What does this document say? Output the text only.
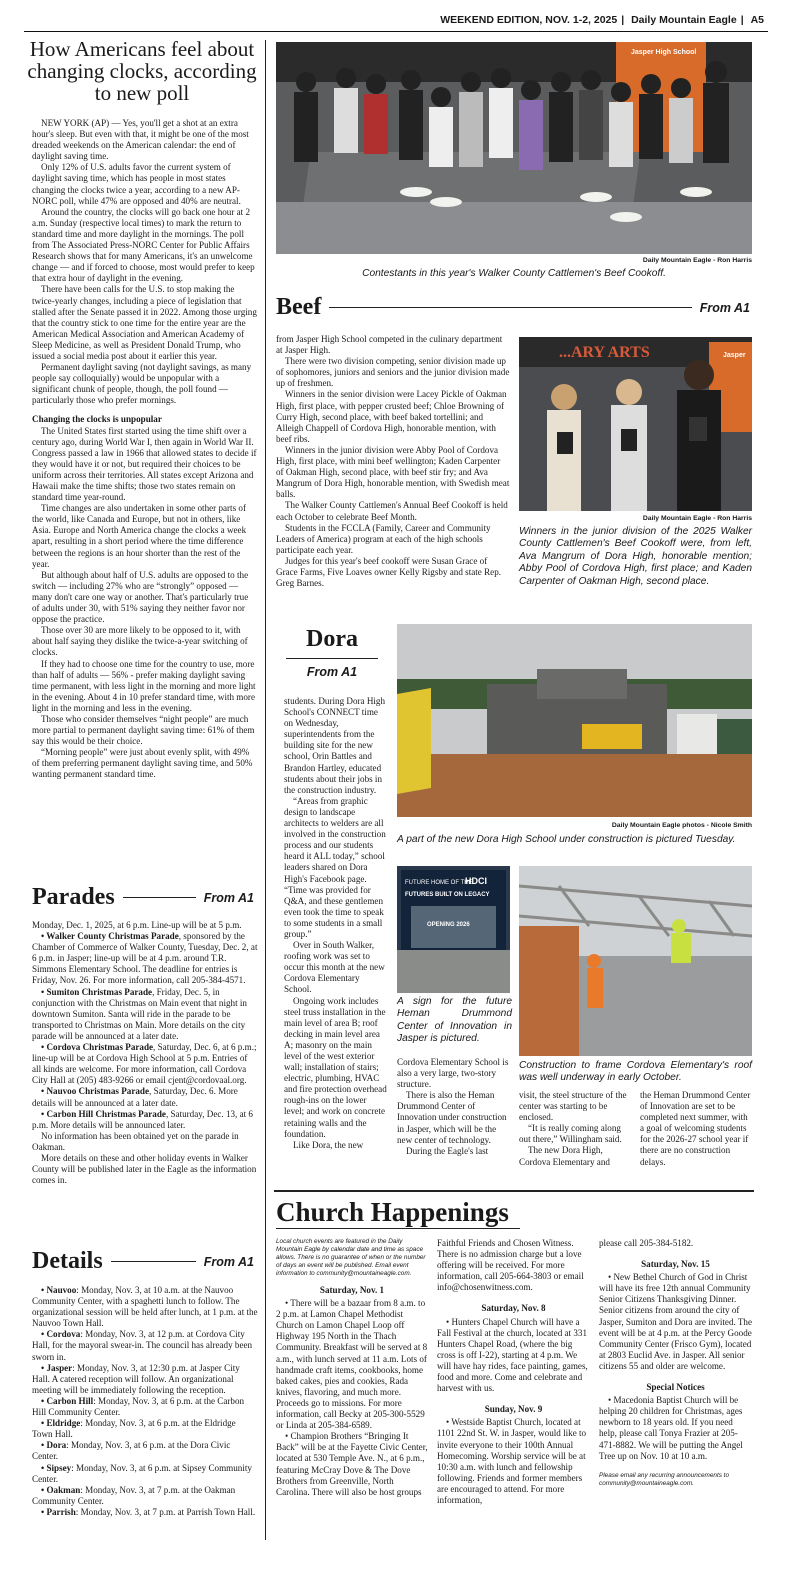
WEEKEND EDITION, NOV. 1-2, 2025 | Daily Mountain Eagle | A5
How Americans feel about changing clocks, according to new poll

NEW YORK (AP) — Yes, you'll get a shot at an extra hour's sleep. But even with that, it might be one of the most dreaded weekends on the American calendar: the end of daylight saving time.

Only 12% of U.S. adults favor the current system of daylight saving time, which has people in most states changing the clocks twice a year, according to a new AP-NORC poll, while 47% are opposed and 40% are neutral.

Around the country, the clocks will go back one hour at 2 a.m. Sunday (respective local times) to mark the return to standard time and more daylight in the mornings. The poll from The Associated Press-NORC Center for Public Affairs Research shows that for many Americans, it's an unwelcome change — and if forced to choose, most would prefer to keep that extra hour of daylight in the evening.

There have been calls for the U.S. to stop making the twice-yearly changes, including a piece of legislation that stalled after the Senate passed it in 2022. Among those urging that the country stick to one time for the entire year are the American Medical Association and American Academy of Sleep Medicine, as well as President Donald Trump, who issued a social media post about it earlier this year.

Permanent daylight saving (not daylight savings, as many people say colloquially) would be unpopular with a significant chunk of people, though, the poll found — particularly those who prefer mornings.

Changing the clocks is unpopular

The United States first started using the time shift over a century ago, during World War I, then again in World War II. Congress passed a law in 1966 that allowed states to decide if they would have it or not, but required their choices to be uniform across their territories. All states except Arizona and Hawaii make the time shifts; those two states remain on standard time year-round.

Time changes are also undertaken in some other parts of the world, like Canada and Europe, but not in others, like Asia. Europe and North America change the clocks a week apart, resulting in a short period where the time difference between the regions is an hour shorter than the rest of the year.

But although about half of U.S. adults are opposed to the switch — including 27% who are “strongly” opposed — many don't care one way or another. That's particularly true of adults under 30, with 51% saying they neither favor nor oppose the practice.

Those over 30 are more likely to be opposed to it, with about half saying they dislike the twice-a-year switching of clocks.

If they had to choose one time for the country to use, more than half of adults — 56% - prefer making daylight saving time permanent, with less light in the morning and more light in the evening. About 4 in 10 prefer standard time, with more light in the morning and less in the evening.

Those who consider themselves “night people” are much more partial to permanent daylight saving time: 61% of them say this would be their choice.

“Morning people” were just about evenly split, with 49% of them preferring permanent daylight saving time, and 50% wanting permanent standard time.

Parades	From A1

Monday, Dec. 1, 2025, at 6 p.m. Line-up will be at 5 p.m.

• Walker County Christmas Parade, sponsored by the Chamber of Commerce of Walker County, Tuesday, Dec. 2, at 6 p.m. in Jasper; line-up will be at 4 p.m. around T.R. Simmons Elementary School. The deadline for entries is Friday, Nov. 26. For more information, call 205-384-4571.

• Sumiton Christmas Parade, Friday, Dec. 5, in conjunction with the Christmas on Main event that night in downtown Sumiton. Santa will ride in the parade to be transported to Christmas on Main. More details on the city parade will be announced at a later date.

• Cordova Christmas Parade, Saturday, Dec. 6, at 6 p.m.; line-up will be at Cordova High School at 5 p.m. Entries of all kinds are welcome. For more information, call Cordova City Hall at (205) 483-9266 or email cjent@cordovaal.org.

• Nauvoo Christmas Parade, Saturday, Dec. 6. More details will be announced at a later date.

• Carbon Hill Christmas Parade, Saturday, Dec. 13, at 6 p.m. More details will be announced later.

No information has been obtained yet on the parade in Oakman.

More details on these and other holiday events in Walker County will be published later in the Eagle as the information comes in.

Details	From A1

• Nauvoo: Monday, Nov. 3, at 10 a.m. at the Nauvoo Community Center, with a spaghetti lunch to follow. The organizational session will be held after lunch, at 1 p.m. at the Nauvoo Town Hall.

• Cordova: Monday, Nov. 3, at 12 p.m. at Cordova City Hall, for the mayoral swear-in. The council has already been sworn in.

• Jasper: Monday, Nov. 3, at 12:30 p.m. at Jasper City Hall. A catered reception will follow. An organizational meeting will be immediately following the reception.

• Carbon Hill: Monday, Nov. 3, at 6 p.m. at the Carbon Hill Community Center.

• Eldridge: Monday, Nov. 3, at 6 p.m. at the Eldridge Town Hall.

• Dora: Monday, Nov. 3, at 6 p.m. at the Dora Civic Center.

• Sipsey: Monday, Nov. 3, at 6 p.m. at Sipsey Community Center.

• Oakman: Monday, Nov. 3, at 7 p.m. at the Oakman Community Center.

• Parrish: Monday, Nov. 3, at 7 p.m. at Parrish Town Hall.

Jasper High School
Daily Mountain Eagle - Ron Harris
Contestants in this year's Walker County Cattlemen's Beef Cookoff.
Beef	From A1

from Jasper High School competed in the culinary department at Jasper High.

There were two division competing, senior division made up of sophomores, juniors and seniors and the junior division made up of freshmen.

Winners in the senior division were Lacey Pickle of Oakman High, first place, with pepper crusted beef; Chloe Browning of Curry High, second place, with beef baked tortellini; and Alleigh Chappell of Cordova High, honorable mention, with beef ribs.

Winners in the junior division were Abby Pool of Cordova High, first place, with mini beef wellington; Kaden Carpenter of Oakman High, second place, with beef stir fry; and Ava Mangrum of Dora High, honorable mention, with Swedish meat balls.

The Walker County Cattlemen's Annual Beef Cookoff is held each October to celebrate Beef Month.

Students in the FCCLA (Family, Career and Community Leaders of America) program at each of the high schools participate each year.

Judges for this year's beef cookoff were Susan Grace of Grace Farms, Five Loaves owner Kelly Rigsby and state Rep. Greg Barnes.

...ARY ARTS	Jasper
Daily Mountain Eagle - Ron Harris
Winners in the junior division of the 2025 Walker County Cattlemen's Beef Cookoff were, from left, Ava Mangrum of Dora High, honorable mention; Abby Pool of Cordova High, first place; and Kaden Carpenter of Oakman High, second place.
Dora
From A1

students. During Dora High School's CONNECT time on Wednesday, superintendents from the building site for the new school, Orin Battles and Brandon Hartley, educated students about their jobs in the construction industry.

“Areas from graphic design to landscape architects to welders are all involved in the construction process and our students heard it ALL today,” school leaders shared on Dora High's Facebook page. “Time was provided for Q&A, and these gentlemen even took the time to speak to some students in a small group.”

Over in South Walker, roofing work was set to occur this month at the new Cordova Elementary School.

Ongoing work includes steel truss installation in the main level of area B; roof decking in main level area A; masonry on the main level of the west exterior wall; installation of stairs; electric, plumbing, HVAC and fire protection overhead rough-ins on the lower level; and work on concrete retaining walls and the foundation.

Like Dora, the new

Daily Mountain Eagle photos - Nicole Smith
A part of the new Dora High School under construction is pictured Tuesday.
FUTURE HOME OF THE
HDCI
FUTURES BUILT ON LEGACY
OPENING 2026
A sign for the future Heman Drummond Center of Innovation in Jasper is pictured.
Construction to frame Cordova Elementary's roof was well underway in early October.

Cordova Elementary School is also a very large, two-story structure.

There is also the Heman Drummond Center of Innovation under construction in Jasper, which will be the new center of technology.

During the Eagle's last

visit, the steel structure of the center was starting to be enclosed.

“It is really coming along out there,” Willingham said.

The new Dora High, Cordova Elementary and

the Heman Drummond Center of Innovation are set to be completed next summer, with a goal of welcoming students for the 2026-27 school year if there are no construction delays.

Church Happenings

Local church events are featured in the Daily Mountain Eagle by calendar date and time as space allows. There is no guarantee of when or the number of days an event will be published. Email event information to community@mountaineagle.com.

Saturday, Nov. 1

• There will be a bazaar from 8 a.m. to 2 p.m. at Lamon Chapel Methodist Church on Lamon Chapel Loop off Highway 195 North in the Thach Community. Breakfast will be served at 8 a.m., with lunch served at 11 a.m. Lots of handmade craft items, cookbooks, home baked cakes, pies and cookies, Rada knives, flavoring, and much more. Proceeds go to missions. For more information, call Becky at 205-300-5529 or Linda at 205-384-6589.

• Champion Brothers “Bringing It Back” will be at the Fayette Civic Center, located at 530 Temple Ave. N., at 6 p.m., featuring McCray Dove & The Dove Brothers from Greenville, North Carolina. There will also be host groups

Faithful Friends and Chosen Witness. There is no admission charge but a love offering will be received. For more information, call 205-664-3803 or email info@chosenwitness.com.

Saturday, Nov. 8

• Hunters Chapel Church will have a Fall Festival at the church, located at 331 Hunters Chapel Road, (where the big cross is off I-22), starting at 4 p.m. We will have hay rides, face painting, games, food and more. Come and celebrate and harvest with us.

Sunday, Nov. 9

• Westside Baptist Church, located at 1101 22nd St. W. in Jasper, would like to invite everyone to their 100th Annual Homecoming. Worship service will be at 10:30 a.m. with lunch and fellowship following. Friends and former members are encouraged to attend. For more information,

please call 205-384-5182.

Saturday, Nov. 15

• New Bethel Church of God in Christ will have its free 12th annual Community Senior Citizens Thanksgiving Dinner. Senior citizens from around the city of Jasper, Sumiton and Dora are invited. The event will be at 4 p.m. at the Percy Goode Community Center (Frisco Gym), located at 2803 Euclid Ave. in Jasper. All senior citizens 55 and older are welcome.

Special Notices

• Macedonia Baptist Church will be helping 20 children for Christmas, ages newborn to 18 years old. If you need help, please call Tonya Frazier at 205-471-8882. We will be putting the Angel Tree up on Nov. 10 at 10 a.m.

Please email any recurring announcements to community@mountaineagle.com.
